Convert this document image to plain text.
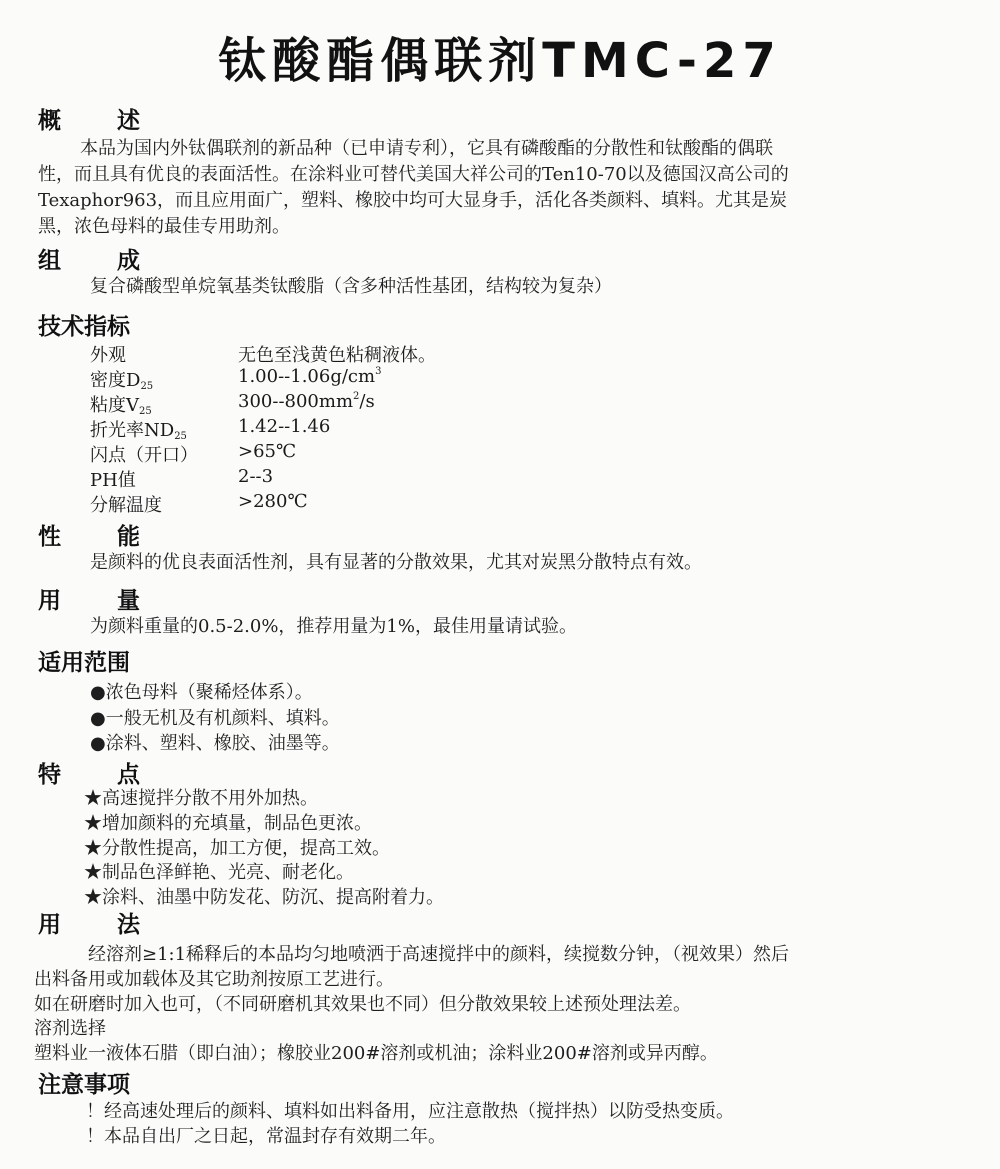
钛酸酯偶联剂TMC-27
概 述
本品为国内外钛偶联剂的新品种（已申请专利），它具有磷酸酯的分散性和钛酸酯的偶联
性，而且具有优良的表面活性。在涂料业可替代美国大祥公司的Ten10-70以及德国汉高公司的
Texaphor963，而且应用面广，塑料、橡胶中均可大显身手，活化各类颜料、填料。尤其是炭
黑，浓色母料的最佳专用助剂。
组 成
复合磷酸型单烷氧基类钛酸脂（含多种活性基团，结构较为复杂）
技术指标
外观	无色至浅黄色粘稠液体。
密度$D_{25}$	$1.00--1.06g/cm^3$
粘度$V_{25}$	$300--800mm^2/s$
折光率$ND_{25}$	1.42--1.46
闪点（开口） >65℃
PH值	2--3
分解温度	>280℃
性 能
是颜料的优良表面活性剂，具有显著的分散效果，尤其对炭黑分散特点有效。
用 量
为颜料重量的0.5-2.0%，推荐用量为1%，最佳用量请试验。
适用范围
●浓色母料（聚稀烃体系）。
●一般无机及有机颜料、填料。
●涂料、塑料、橡胶、油墨等。
特 点
★高速搅拌分散不用外加热。
★增加颜料的充填量，制品色更浓。
★分散性提高，加工方便，提高工效。
★制品色泽鲜艳、光亮、耐老化。
★涂料、油墨中防发花、防沉、提高附着力。
用 法
经溶剂≥1:1稀释后的本品均匀地喷洒于高速搅拌中的颜料，续搅数分钟，（视效果）然后
出料备用或加载体及其它助剂按原工艺进行。
如在研磨时加入也可，（不同研磨机其效果也不同）但分散效果较上述预处理法差。
溶剂选择
塑料业一液体石腊（即白油）；橡胶业200#溶剂或机油；涂料业200#溶剂或异丙醇。
注意事项
！经高速处理后的颜料、填料如出料备用，应注意散热（搅拌热）以防受热变质。
！本品自出厂之日起，常温封存有效期二年。
